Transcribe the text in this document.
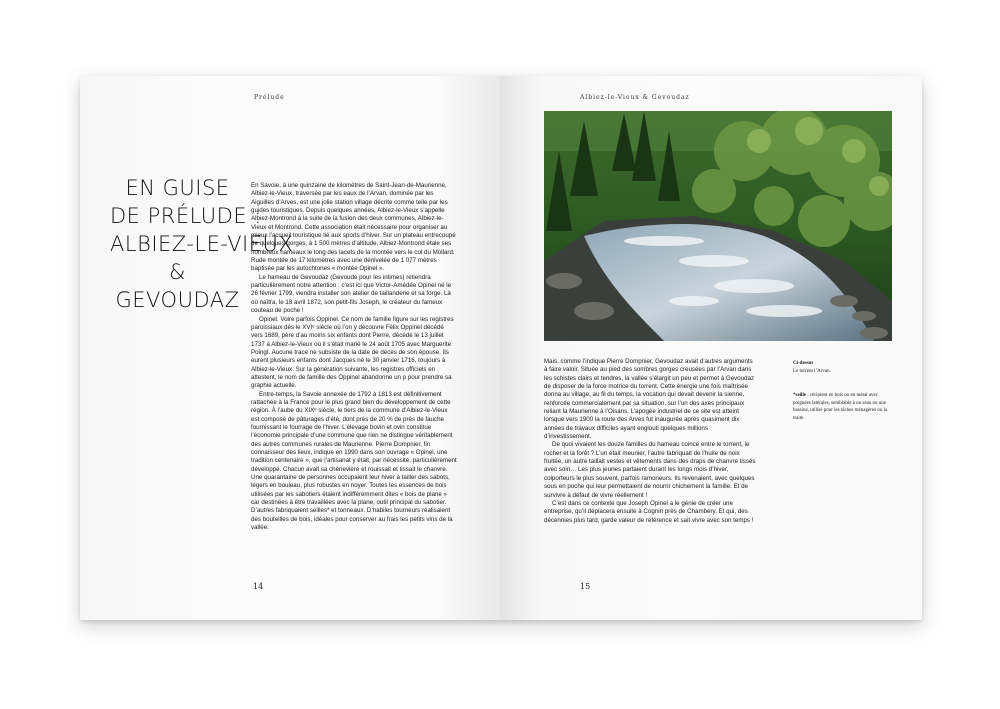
Prélude
EN GUISE
DE PRÉLUDE :
ALBIEZ-LE-VIEUX
&
GEVOUDAZ

En Savoie, à une quinzaine de kilomètres de Saint-Jean-de-Maurienne, Albiez-le-Vieux, traversée par les eaux de l’Arvan, dominée par les Aiguilles d’Arves, est une jolie station village décrite comme telle par les guides touristiques. Depuis quelques années, Albiez-le-Vieux s’appelle Albiez-Montrond à la suite de la fusion des deux communes, Albiez-le-Vieux et Montrond. Cette association était nécessaire pour organiser au mieux l’accueil touristique lié aux sports d’hiver. Sur un plateau entrecoupé de quelques gorges, à 1 500 mètres d’altitude, Albiez-Montrond étale ses nombreux hameaux le long des lacets de la montée vers le col du Mollard. Rude montée de 17 kilomètres avec une dénivelée de 1 077 mètres baptisée par les autochtones « montée Opinel ».

Le hameau de Gevoudaz (Gevoude pour les intimes) retiendra particulièrement notre attention : c’est ici que Victor-Amédée Opinel né le 26 février 1799, viendra installer son atelier de taillanderie et sa forge. Là où naîtra, le 18 avril 1872, son petit-fils Joseph, le créateur du fameux couteau de poche !

Opinel. Voire parfois Oppinel. Ce nom de famille figure sur les registres paroissiaux dès le XVIᵉ siècle où l’on y découvre Félix Oppinel décédé vers 1689, père d’au moins six enfants dont Pierre, décédé le 13 juillet 1737 à Albiez-le-Vieux où il s’était marié le 24 août 1705 avec Marguerite Poingt. Aucune trace ne subsiste de la date de décès de son épouse. Ils eurent plusieurs enfants dont Jacques né le 30 janvier 1716, toujours à Albiez-le-Vieux. Sur la génération suivante, les registres officiels en attestent, le nom de famille des Oppinel abandonne un p pour prendre sa graphie actuelle.

Entre-temps, la Savoie annexée de 1792 à 1813 est définitivement rattachée à la France pour le plus grand bien du développement de cette région. À l’aube du XIXᵉ siècle, le tiers de la commune d’Albiez-le-Vieux est composé de pâturages d’été, dont près de 20 % de prés de fauche fournissant le fourrage de l’hiver. L’élevage bovin et ovin constitue l’économie principale d’une commune que rien ne distingue véritablement des autres communes rurales de Maurienne. Pierre Dompnier, fin connaisseur des lieux, indique en 1990 dans son ouvrage « Opinel, une tradition centenaire », que l’artisanat y était, par nécessité, particulièrement développé. Chacun avait sa chènevière et rouissait et tissait le chanvre. Une quarantaine de personnes occupaient leur hiver à tailler des sabots, légers en bouleau, plus robustes en noyer. Toutes les essences de bois utilisées par les sabotiers étaient indifféremment dites « bois de plane » car destinées à être travaillées avec la plane, outil principal du sabotier. D’autres fabriquaient seilles* et tonneaux. D’habiles tourneurs réalisaient des bouteilles de bois, idéales pour conserver au frais les petits vins de la vallée.

14
Albiez-le-Vieux & Gevoudaz

Mais, comme l’indique Pierre Dompnier, Gevoudaz avait d’autres arguments à faire valoir. Située au pied des sombres gorges creusées par l’Arvan dans les schistes clairs et tendres, la vallée s’élargit un peu et permet à Gevoudaz de disposer de la force motrice du torrent. Cette énergie une fois maîtrisée donna au village, au fil du temps, la vocation qui devait devenir la sienne, renforcée commercialement par sa situation, sur l’un des axes principaux reliant la Maurienne à l’Oisans. L’apogée industriel de ce site est atteint lorsque vers 1900 la route des Arves fut inaugurée après quasiment dix années de travaux difficiles ayant englouti quelques millions d’investissement.

De quoi vivaient les douze familles du hameau coincé entre le torrent, le rocher et la forêt ? L’un était meunier, l’autre fabriquait de l’huile de noix fruitée, un autre taillait vestes et vêtements dans des draps de chanvre tissés avec soin… Les plus jeunes partaient durant les longs mois d’hiver, colporteurs le plus souvent, parfois ramoneurs. Ils revenaient, avec quelques sous en poche qui leur permettaient de nourrir chichement la famille. Et de survivre à défaut de vivre réellement !

C’est dans ce contexte que Joseph Opinel a le génie de créer une entreprise, qu’il déplacera ensuite à Cognin près de Chambéry. Et qui, des décennies plus tard, garde valeur de référence et sait vivre avec son temps !

Ci-dessus
Le torrent l’Arvan.
*seille : récipient en bois ou en métal avec poignées latérales, semblable à un seau ou une bassine, utilisé pour les tâches ménagères ou la traite.
15
